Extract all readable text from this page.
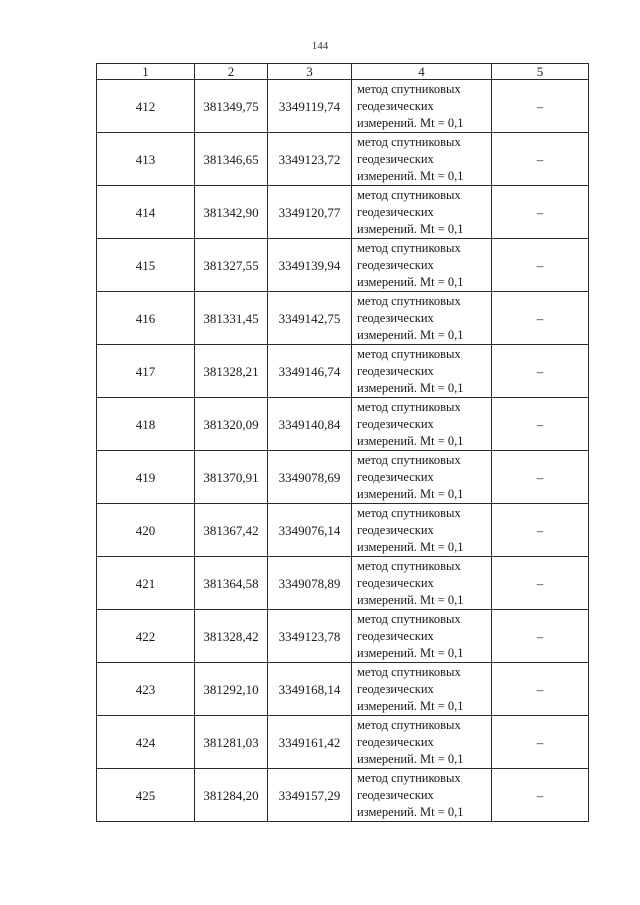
144
1	2	3	4	5
412	381349,75	3349119,74	метод спутниковых
геодезических
измерений. Mt = 0,1	–
413	381346,65	3349123,72	метод спутниковых
геодезических
измерений. Mt = 0,1	–
414	381342,90	3349120,77	метод спутниковых
геодезических
измерений. Mt = 0,1	–
415	381327,55	3349139,94	метод спутниковых
геодезических
измерений. Mt = 0,1	–
416	381331,45	3349142,75	метод спутниковых
геодезических
измерений. Mt = 0,1	–
417	381328,21	3349146,74	метод спутниковых
геодезических
измерений. Mt = 0,1	–
418	381320,09	3349140,84	метод спутниковых
геодезических
измерений. Mt = 0,1	–
419	381370,91	3349078,69	метод спутниковых
геодезических
измерений. Mt = 0,1	–
420	381367,42	3349076,14	метод спутниковых
геодезических
измерений. Mt = 0,1	–
421	381364,58	3349078,89	метод спутниковых
геодезических
измерений. Mt = 0,1	–
422	381328,42	3349123,78	метод спутниковых
геодезических
измерений. Mt = 0,1	–
423	381292,10	3349168,14	метод спутниковых
геодезических
измерений. Mt = 0,1	–
424	381281,03	3349161,42	метод спутниковых
геодезических
измерений. Mt = 0,1	–
425	381284,20	3349157,29	метод спутниковых
геодезических
измерений. Mt = 0,1	–
